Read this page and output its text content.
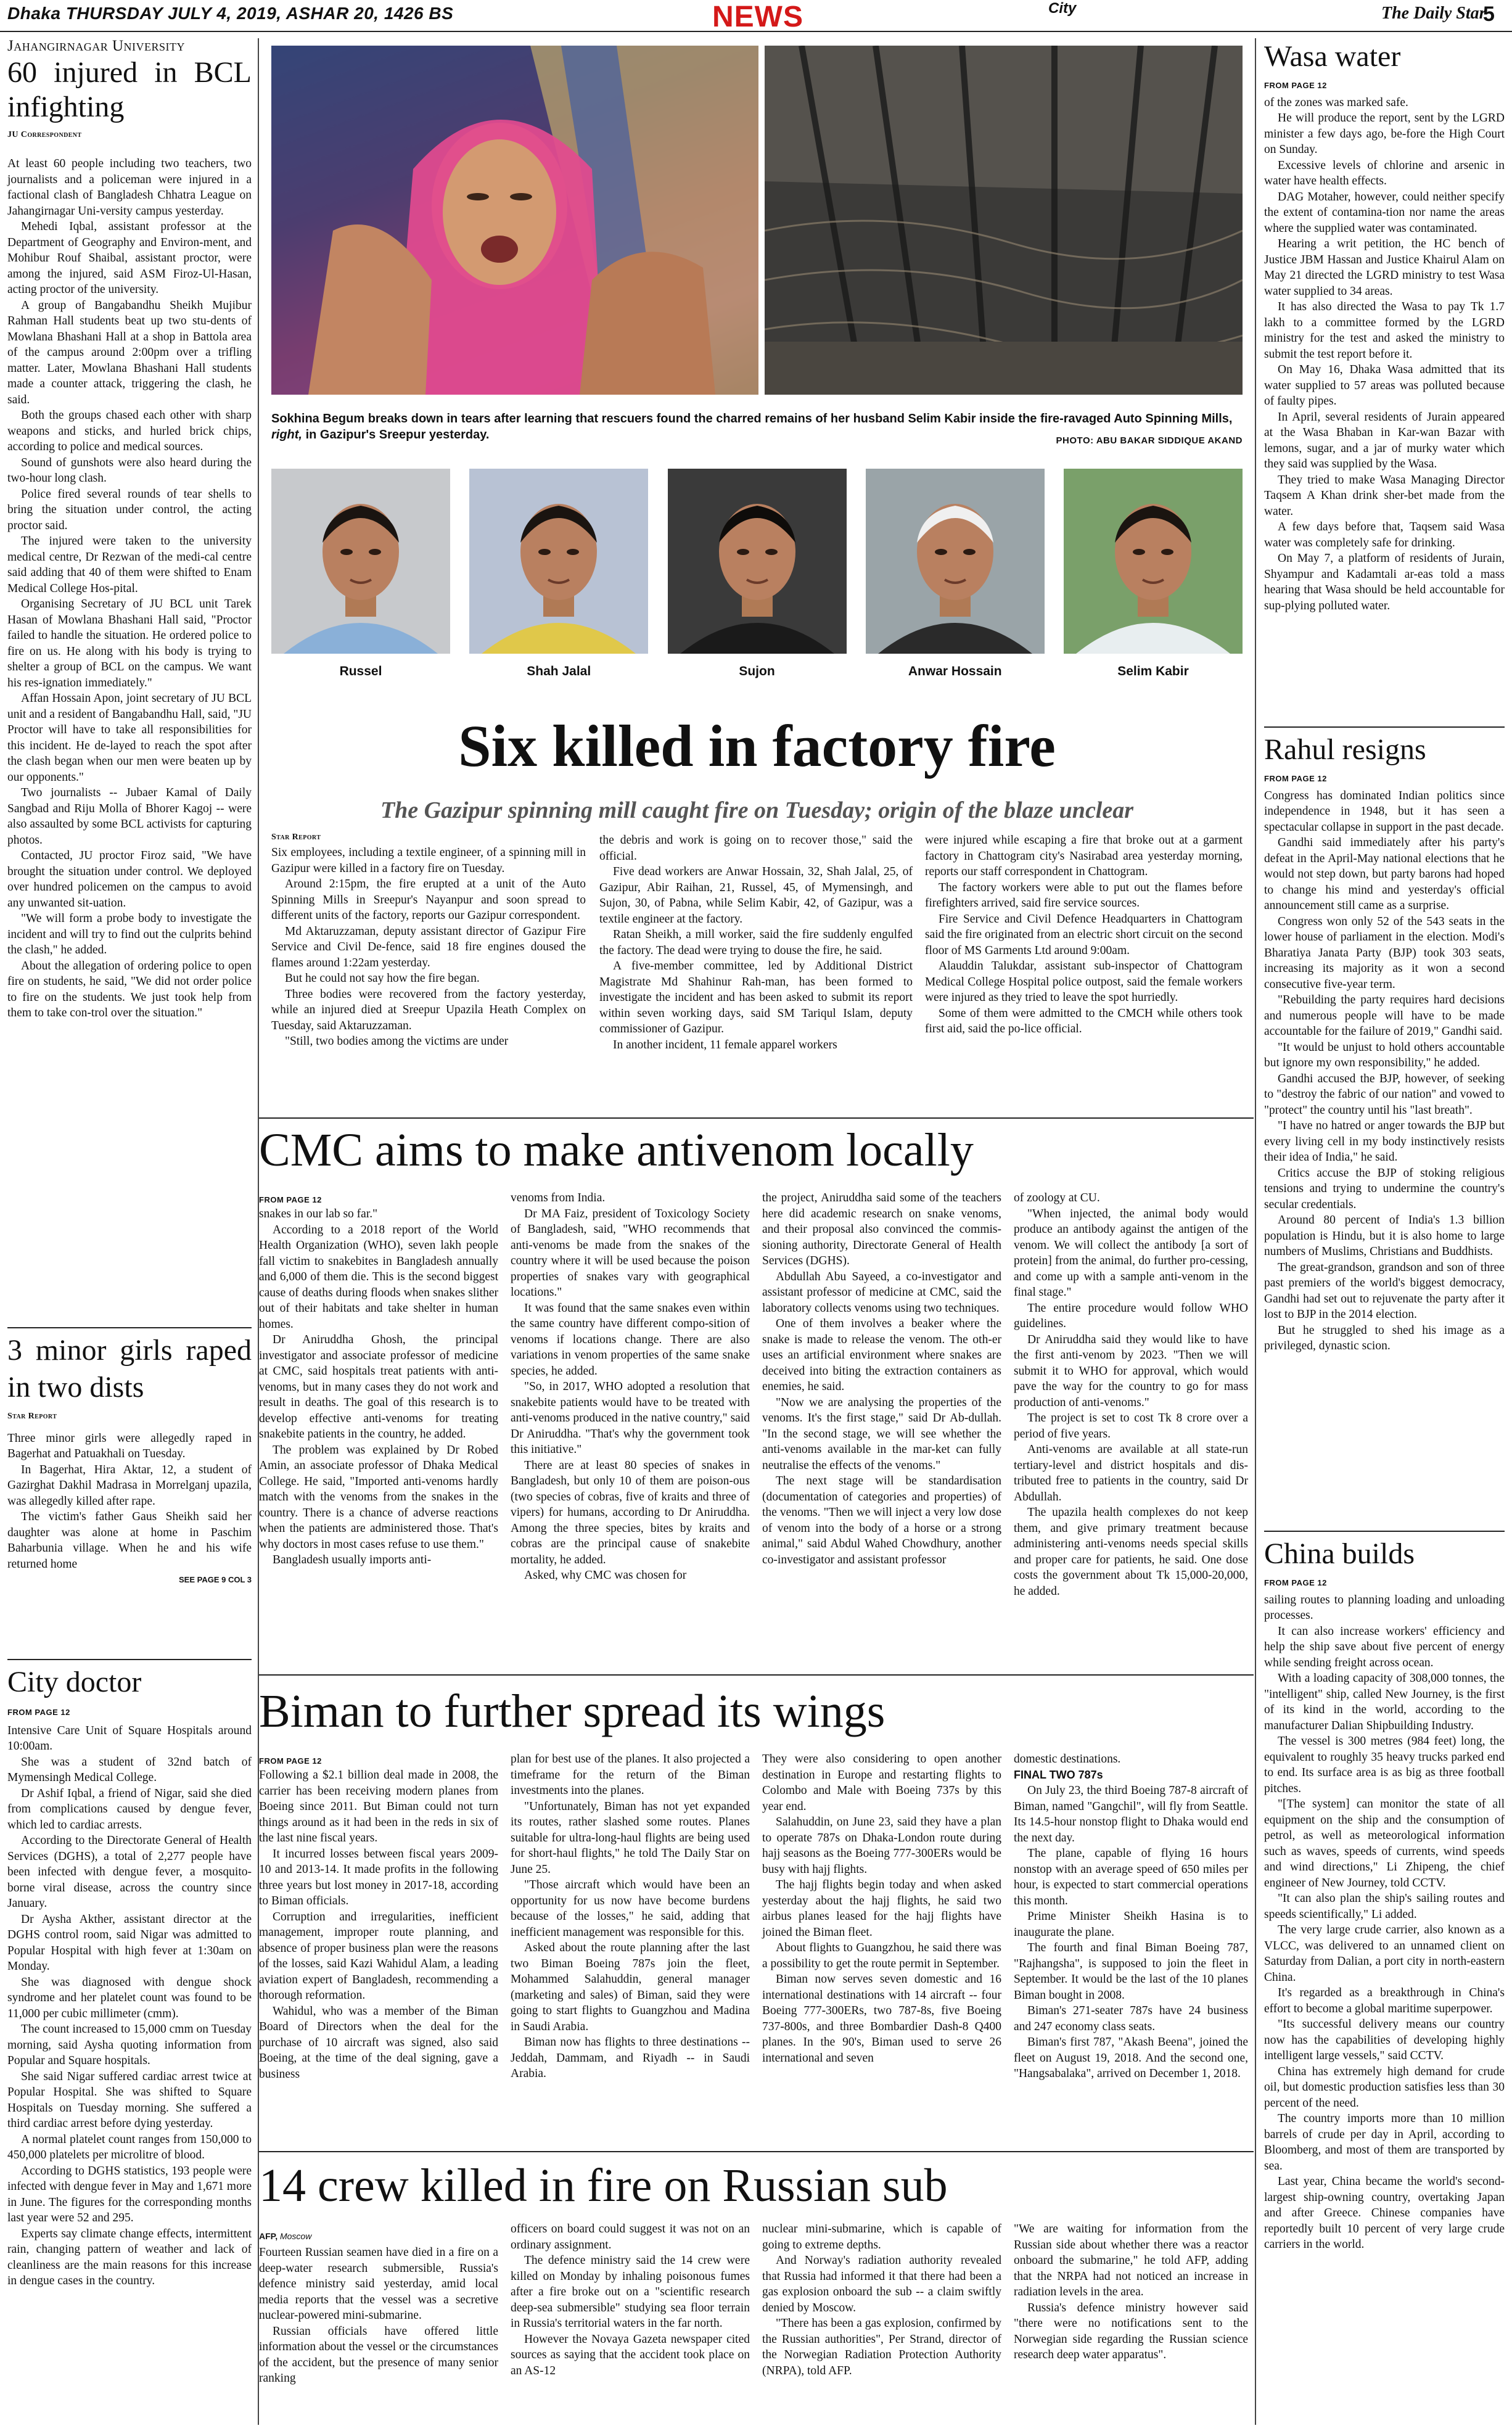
Dhaka THURSDAY JULY 4, 2019, ASHAR 20, 1426 BS	NEWS	City	The Daily Star
5
Jahangirnagar University
60 injured in BCL infighting
JU Correspondent

At least 60 people including two teachers, two journalists and a policeman were injured in a factional clash of Bangladesh Chhatra League on Jahangirnagar Uni-versity campus yesterday.

Mehedi Iqbal, assistant professor at the Department of Geography and Environ-ment, and Mohibur Rouf Shaibal, assistant proctor, were among the injured, said ASM Firoz-Ul-Hasan, acting proctor of the university.

A group of Bangabandhu Sheikh Mujibur Rahman Hall students beat up two stu-dents of Mowlana Bhashani Hall at a shop in Battola area of the campus around 2:00pm over a trifling matter. Later, Mowlana Bhashani Hall students made a counter attack, triggering the clash, he said.

Both the groups chased each other with sharp weapons and sticks, and hurled brick chips, according to police and medical sources.

Sound of gunshots were also heard during the two-hour long clash.

Police fired several rounds of tear shells to bring the situation under control, the acting proctor said.

The injured were taken to the university medical centre, Dr Rezwan of the medi-cal centre said adding that 40 of them were shifted to Enam Medical College Hos-pital.

Organising Secretary of JU BCL unit Tarek Hasan of Mowlana Bhashani Hall said, "Proctor failed to handle the situation. He ordered police to fire on us. He along with his body is trying to shelter a group of BCL on the campus. We want his res-ignation immediately."

Affan Hossain Apon, joint secretary of JU BCL unit and a resident of Bangabandhu Hall, said, "JU Proctor will have to take all responsibilities for this incident. He de-layed to reach the spot after the clash began when our men were beaten up by our opponents."

Two journalists -- Jubaer Kamal of Daily Sangbad and Riju Molla of Bhorer Kagoj -- were also assaulted by some BCL activists for capturing photos.

Contacted, JU proctor Firoz said, "We have brought the situation under control. We deployed over hundred policemen on the campus to avoid any unwanted sit-uation.

"We will form a probe body to investigate the incident and will try to find out the culprits behind the clash," he added.

About the allegation of ordering police to open fire on students, he said, "We did not order police to fire on the students. We just took help from them to take con-trol over the situation."

3 minor girls raped in two dists
Star Report

Three minor girls were allegedly raped in Bagerhat and Patuakhali on Tuesday.

In Bagerhat, Hira Aktar, 12, a student of Gazirghat Dakhil Madrasa in Morrelganj upazila, was allegedly killed after rape.

The victim's father Gaus Sheikh said her daughter was alone at home in Paschim Baharbunia village. When he and his wife returned home

SEE PAGE 9 COL 3
City doctor
FROM PAGE 12

Intensive Care Unit of Square Hospitals around 10:00am.

She was a student of 32nd batch of Mymensingh Medical College.

Dr Ashif Iqbal, a friend of Nigar, said she died from complications caused by dengue fever, which led to cardiac arrests.

According to the Directorate General of Health Services (DGHS), a total of 2,277 people have been infected with dengue fever, a mosquito-borne viral disease, across the country since January.

Dr Aysha Akther, assistant director at the DGHS control room, said Nigar was admitted to Popular Hospital with high fever at 1:30am on Monday.

She was diagnosed with dengue shock syndrome and her platelet count was found to be 11,000 per cubic millimeter (cmm).

The count increased to 15,000 cmm on Tuesday morning, said Aysha quoting information from Popular and Square hospitals.

She said Nigar suffered cardiac arrest twice at Popular Hospital. She was shifted to Square Hospitals on Tuesday morning. She suffered a third cardiac arrest before dying yesterday.

A normal platelet count ranges from 150,000 to 450,000 platelets per microlitre of blood.

According to DGHS statistics, 193 people were infected with dengue fever in May and 1,671 more in June. The figures for the corresponding months last year were 52 and 295.

Experts say climate change effects, intermittent rain, changing pattern of weather and lack of cleanliness are the main reasons for this increase in dengue cases in the country.

Sokhina Begum breaks down in tears after learning that rescuers found the charred remains of her husband Selim Kabir inside the fire-ravaged Auto Spinning Mills, right, in Gazipur's Sreepur yesterday.	PHOTO: ABU BAKAR SIDDIQUE AKAND
Russel	Shah Jalal	Sujon	Anwar Hossain	Selim Kabir
Six killed in factory fire
The Gazipur spinning mill caught fire on Tuesday; origin of the blaze unclear
Star Report

Six employees, including a textile engineer, of a spinning mill in Gazipur were killed in a factory fire on Tuesday.

Around 2:15pm, the fire erupted at a unit of the Auto Spinning Mills in Sreepur's Nayanpur and soon spread to different units of the factory, reports our Gazipur correspondent.

Md Aktaruzzaman, deputy assistant director of Gazipur Fire Service and Civil De-fence, said 18 fire engines doused the flames around 1:22am yesterday.

But he could not say how the fire began.

Three bodies were recovered from the factory yesterday, while an injured died at Sreepur Upazila Heath Complex on Tuesday, said Aktaruzzaman.

"Still, two bodies among the victims are under

the debris and work is going on to recover those," said the official.

Five dead workers are Anwar Hossain, 32, Shah Jalal, 25, of Gazipur, Abir Raihan, 21, Russel, 45, of Mymensingh, and Sujon, 30, of Pabna, while Selim Kabir, 42, of Gazipur, was a textile engineer at the factory.

Ratan Sheikh, a mill worker, said the fire suddenly engulfed the factory. The dead were trying to douse the fire, he said.

A five-member committee, led by Additional District Magistrate Md Shahinur Rah-man, has been formed to investigate the incident and has been asked to submit its report within seven working days, said SM Tariqul Islam, deputy commissioner of Gazipur.

In another incident, 11 female apparel workers

were injured while escaping a fire that broke out at a garment factory in Chattogram city's Nasirabad area yesterday morning, reports our staff correspondent in Chattogram.

The factory workers were able to put out the flames before firefighters arrived, said fire service sources.

Fire Service and Civil Defence Headquarters in Chattogram said the fire originated from an electric short circuit on the second floor of MS Garments Ltd around 9:00am.

Alauddin Talukdar, assistant sub-inspector of Chattogram Medical College Hospital police outpost, said the female workers were injured as they tried to leave the spot hurriedly.

Some of them were admitted to the CMCH while others took first aid, said the po-lice official.

CMC aims to make antivenom locally
FROM PAGE 12

snakes in our lab so far."

According to a 2018 report of the World Health Organization (WHO), seven lakh people fall victim to snakebites in Bangladesh annually and 6,000 of them die. This is the second biggest cause of deaths during floods when snakes slither out of their habitats and take shelter in human homes.

Dr Aniruddha Ghosh, the principal investigator and associate professor of medicine at CMC, said hospitals treat patients with anti-venoms, but in many cases they do not work and result in deaths. The goal of this research is to develop effective anti-venoms for treating snakebite patients in the country, he added.

The problem was explained by Dr Robed Amin, an associate professor of Dhaka Medical College. He said, "Imported anti-venoms hardly match with the venoms from the snakes in the country. There is a chance of adverse reactions when the patients are administered those. That's why doctors in most cases refuse to use them."

Bangladesh usually imports anti-

venoms from India.

Dr MA Faiz, president of Toxicology Society of Bangladesh, said, "WHO recommends that anti-venoms be made from the snakes of the country where it will be used because the poison properties of snakes vary with geographical locations."

It was found that the same snakes even within the same country have different compo-sition of venoms if locations change. There are also variations in venom properties of the same snake species, he added.

"So, in 2017, WHO adopted a resolution that snakebite patients would have to be treated with anti-venoms produced in the native country," said Dr Aniruddha. "That's why the government took this initiative."

There are at least 80 species of snakes in Bangladesh, but only 10 of them are poison-ous (two species of cobras, five of kraits and three of vipers) for humans, according to Dr Aniruddha. Among the three species, bites by kraits and cobras are the principal cause of snakebite mortality, he added.

Asked, why CMC was chosen for

the project, Aniruddha said some of the teachers here did academic research on snake venoms, and their proposal also convinced the commis-sioning authority, Directorate General of Health Services (DGHS).

Abdullah Abu Sayeed, a co-investigator and assistant professor of medicine at CMC, said the laboratory collects venoms using two techniques.

One of them involves a beaker where the snake is made to release the venom. The oth-er uses an artificial environment where snakes are deceived into biting the extraction containers as enemies, he said.

"Now we are analysing the properties of the venoms. It's the first stage," said Dr Ab-dullah. "In the second stage, we will see whether the anti-venoms available in the mar-ket can fully neutralise the effects of the venoms."

The next stage will be standardisation (documentation of categories and properties) of the venoms. "Then we will inject a very low dose of venom into the body of a horse or a strong animal," said Abdul Wahed Chowdhury, another co-investigator and assistant professor

of zoology at CU.

"When injected, the animal body would produce an antibody against the antigen of the venom. We will collect the antibody [a sort of protein] from the animal, do further pro-cessing, and come up with a sample anti-venom in the final stage."

The entire procedure would follow WHO guidelines.

Dr Aniruddha said they would like to have the first anti-venom by 2023. "Then we will submit it to WHO for approval, which would pave the way for the country to go for mass production of anti-venoms."

The project is set to cost Tk 8 crore over a period of five years.

Anti-venoms are available at all state-run tertiary-level and district hospitals and dis-tributed free to patients in the country, said Dr Abdullah.

The upazila health complexes do not keep them, and give primary treatment because administering anti-venoms needs special skills and proper care for patients, he said. One dose costs the government about Tk 15,000-20,000, he added.

Biman to further spread its wings
FROM PAGE 12

Following a $2.1 billion deal made in 2008, the carrier has been receiving modern planes from Boeing since 2011. But Biman could not turn things around as it had been in the reds in six of the last nine fiscal years.

It incurred losses between fiscal years 2009-10 and 2013-14. It made profits in the following three years but lost money in 2017-18, according to Biman officials.

Corruption and irregularities, inefficient management, improper route planning, and absence of proper business plan were the reasons of the losses, said Kazi Wahidul Alam, a leading aviation expert of Bangladesh, recommending a thorough reformation.

Wahidul, who was a member of the Biman Board of Directors when the deal for the purchase of 10 aircraft was signed, also said Boeing, at the time of the deal signing, gave a business

plan for best use of the planes. It also projected a timeframe for the return of the Biman investments into the planes.

"Unfortunately, Biman has not yet expanded its routes, rather slashed some routes. Planes suitable for ultra-long-haul flights are being used for short-haul flights," he told The Daily Star on June 25.

"Those aircraft which would have been an opportunity for us now have become burdens because of the losses," he said, adding that inefficient management was responsible for this.

Asked about the route planning after the last two Biman Boeing 787s join the fleet, Mohammed Salahuddin, general manager (marketing and sales) of Biman, said they were going to start flights to Guangzhou and Madina in Saudi Arabia.

Biman now has flights to three destinations -- Jeddah, Dammam, and Riyadh -- in Saudi Arabia.

They were also considering to open another destination in Europe and restarting flights to Colombo and Male with Boeing 737s by this year end.

Salahuddin, on June 23, said they have a plan to operate 787s on Dhaka-London route during hajj seasons as the Boeing 777-300ERs would be busy with hajj flights.

The hajj flights begin today and when asked yesterday about the hajj flights, he said two airbus planes leased for the hajj flights have joined the Biman fleet.

About flights to Guangzhou, he said there was a possibility to get the route permit in September.

Biman now serves seven domestic and 16 international destinations with 14 aircraft -- four Boeing 777-300ERs, two 787-8s, five Boeing 737-800s, and three Bombardier Dash-8 Q400 planes. In the 90's, Biman used to serve 26 international and seven

domestic destinations.
FINAL TWO 787s

On July 23, the third Boeing 787-8 aircraft of Biman, named "Gangchil", will fly from Seattle. Its 14.5-hour nonstop flight to Dhaka would end the next day.

The plane, capable of flying 16 hours nonstop with an average speed of 650 miles per hour, is expected to start commercial operations this month.

Prime Minister Sheikh Hasina is to inaugurate the plane.

The fourth and final Biman Boeing 787, "Rajhangsha", is supposed to join the fleet in September. It would be the last of the 10 planes Biman bought in 2008.

Biman's 271-seater 787s have 24 business and 247 economy class seats.

Biman's first 787, "Akash Beena", joined the fleet on August 19, 2018. And the second one, "Hangsabalaka", arrived on December 1, 2018.

14 crew killed in fire on Russian sub
AFP, Moscow

Fourteen Russian seamen have died in a fire on a deep-water research submersible, Russia's defence ministry said yesterday, amid local media reports that the vessel was a secretive nuclear-powered mini-submarine.

Russian officials have offered little information about the vessel or the circumstances of the accident, but the presence of many senior ranking

officers on board could suggest it was not on an ordinary assignment.

The defence ministry said the 14 crew were killed on Monday by inhaling poisonous fumes after a fire broke out on a "scientific research deep-sea submersible" studying sea floor terrain in Russia's territorial waters in the far north.

However the Novaya Gazeta newspaper cited sources as saying that the accident took place on an AS-12

nuclear mini-submarine, which is capable of going to extreme depths.

And Norway's radiation authority revealed that Russia had informed it that there had been a gas explosion onboard the sub -- a claim swiftly denied by Moscow.

"There has been a gas explosion, confirmed by the Russian authorities", Per Strand, director of the Norwegian Radiation Protection Authority (NRPA), told AFP.

"We are waiting for information from the Russian side about whether there was a reactor onboard the submarine," he told AFP, adding that the NRPA had not noticed an increase in radiation levels in the area.

Russia's defence ministry however said "there were no notifications sent to the Norwegian side regarding the Russian science research deep water apparatus".

Wasa water
FROM PAGE 12

of the zones was marked safe.

He will produce the report, sent by the LGRD minister a few days ago, be-fore the High Court on Sunday.

Excessive levels of chlorine and arsenic in water have health effects.

DAG Motaher, however, could neither specify the extent of contamina-tion nor name the areas where the supplied water was contaminated.

Hearing a writ petition, the HC bench of Justice JBM Hassan and Justice Khairul Alam on May 21 directed the LGRD ministry to test Wasa water supplied to 34 areas.

It has also directed the Wasa to pay Tk 1.7 lakh to a committee formed by the LGRD ministry for the test and asked the ministry to submit the test report before it.

On May 16, Dhaka Wasa admitted that its water supplied to 57 areas was polluted because of faulty pipes.

In April, several residents of Jurain appeared at the Wasa Bhaban in Kar-wan Bazar with lemons, sugar, and a jar of murky water which they said was supplied by the Wasa.

They tried to make Wasa Managing Director Taqsem A Khan drink sher-bet made from the water.

A few days before that, Taqsem said Wasa water was completely safe for drinking.

On May 7, a platform of residents of Jurain, Shyampur and Kadamtali ar-eas told a mass hearing that Wasa should be held accountable for sup-plying polluted water.

Rahul resigns
FROM PAGE 12

Congress has dominated Indian politics since independence in 1948, but it has seen a spectacular collapse in support in the past decade.

Gandhi said immediately after his party's defeat in the April-May national elections that he would not step down, but party barons had hoped to change his mind and yesterday's official announcement still came as a surprise.

Congress won only 52 of the 543 seats in the lower house of parliament in the election. Modi's Bharatiya Janata Party (BJP) took 303 seats, increasing its majority as it won a second consecutive five-year term.

"Rebuilding the party requires hard decisions and numerous people will have to be made accountable for the failure of 2019," Gandhi said.

"It would be unjust to hold others accountable but ignore my own responsibility," he added.

Gandhi accused the BJP, however, of seeking to "destroy the fabric of our nation" and vowed to "protect" the country until his "last breath".

"I have no hatred or anger towards the BJP but every living cell in my body instinctively resists their idea of India," he said.

Critics accuse the BJP of stoking religious tensions and trying to undermine the country's secular credentials.

Around 80 percent of India's 1.3 billion population is Hindu, but it is also home to large numbers of Muslims, Christians and Buddhists.

The great-grandson, grandson and son of three past premiers of the world's biggest democracy, Gandhi had set out to rejuvenate the party after it lost to BJP in the 2014 election.

But he struggled to shed his image as a privileged, dynastic scion.

China builds
FROM PAGE 12

sailing routes to planning loading and unloading processes.

It can also increase workers' efficiency and help the ship save about five percent of energy while sending freight across ocean.

With a loading capacity of 308,000 tonnes, the "intelligent" ship, called New Journey, is the first of its kind in the world, according to the manufacturer Dalian Shipbuilding Industry.

The vessel is 300 metres (984 feet) long, the equivalent to roughly 35 heavy trucks parked end to end. Its surface area is as big as three football pitches.

"[The system] can monitor the state of all equipment on the ship and the consumption of petrol, as well as meteorological information such as waves, speeds of currents, wind speeds and wind directions," Li Zhipeng, the chief engineer of New Journey, told CCTV.

"It can also plan the ship's sailing routes and speeds scientifically," Li added.

The very large crude carrier, also known as a VLCC, was delivered to an unnamed client on Saturday from Dalian, a port city in north-eastern China.

It's regarded as a breakthrough in China's effort to become a global maritime superpower.

"Its successful delivery means our country now has the capabilities of developing highly intelligent large vessels," said CCTV.

China has extremely high demand for crude oil, but domestic production satisfies less than 30 percent of the need.

The country imports more than 10 million barrels of crude per day in April, according to Bloomberg, and most of them are transported by sea.

Last year, China became the world's second-largest ship-owning country, overtaking Japan and after Greece. Chinese companies have reportedly built 10 percent of very large crude carriers in the world.
